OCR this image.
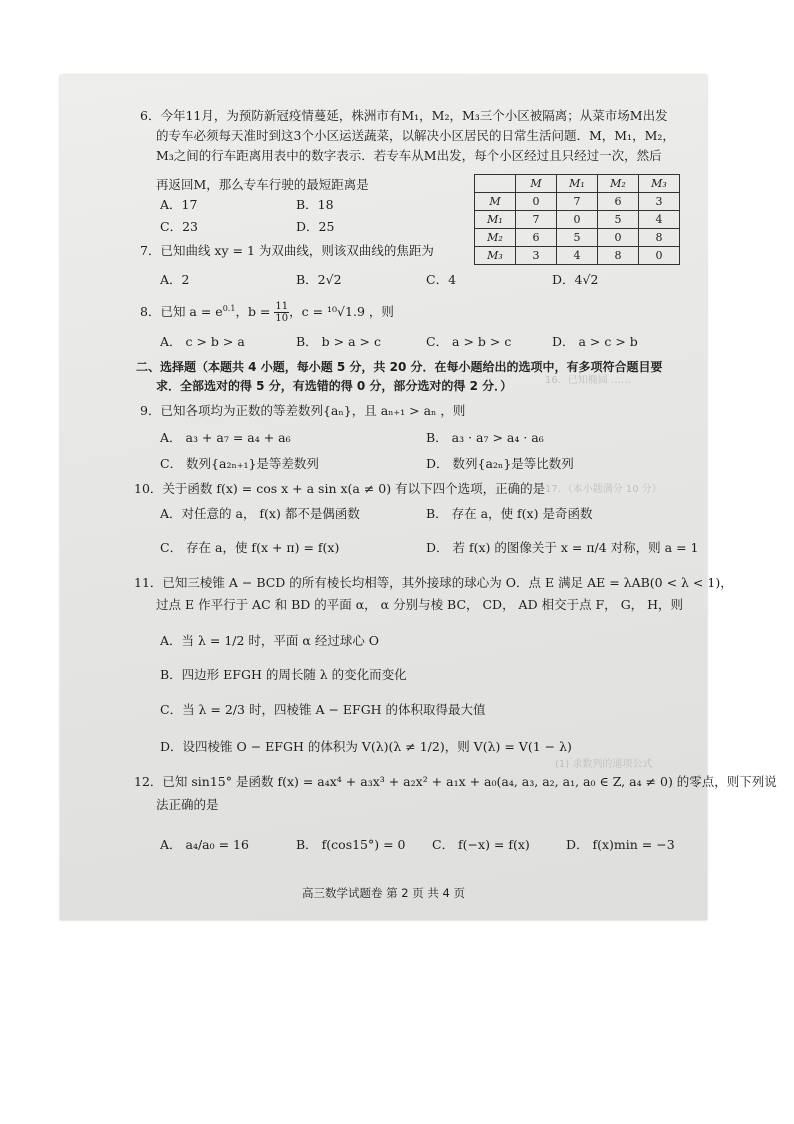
16．已知椭圆 ……
17．（本小题满分 10 分）
(1) 求数列的通项公式
6．今年11月，为预防新冠疫情蔓延，株洲市有M₁，M₂，M₃三个小区被隔离；从菜市场M出发
的专车必须每天准时到这3个小区运送蔬菜，以解决小区居民的日常生活问题．M，M₁，M₂，
M₃之间的行车距离用表中的数字表示．若专车从M出发，每个小区经过且只经过一次，然后
再返回M，那么专车行驶的最短距离是
A．17	B．18
C．23	D．25
7．已知曲线 xy = 1 为双曲线，则该双曲线的焦距为
A．2	B．2√2	C．4	D．4√2
8．已知 $a = e^{0.1}$，$b = \frac{11}{10}$ ，c = ¹⁰√1.9 ，则
A． c > b > a	B． b > a > c	C． a > b > c	D． a > c > b
二、选择题（本题共 4 小题，每小题 5 分，共 20 分．在每小题给出的选项中，有多项符合题目要
求．全部选对的得 5 分，有选错的得 0 分，部分选对的得 2 分．）
9．已知各项均为正数的等差数列{aₙ}，且 aₙ₊₁ > aₙ ，则
A． a₃ + a₇ = a₄ + a₆	B． a₃ · a₇ > a₄ · a₆
C． 数列{a₂ₙ₊₁}是等差数列	D． 数列{a₂ₙ}是等比数列
10．关于函数 f(x) = cos x + a sin x(a ≠ 0) 有以下四个选项，正确的是
A．对任意的 a， f(x) 都不是偶函数	B． 存在 a，使 f(x) 是奇函数
C． 存在 a，使 f(x + π) = f(x)	D． 若 f(x) 的图像关于 x = π/4 对称，则 a = 1
11．已知三棱锥 A − BCD 的所有棱长均相等，其外接球的球心为 O．点 E 满足 AE = λAB(0 < λ < 1)，
过点 E 作平行于 AC 和 BD 的平面 α， α 分别与棱 BC， CD， AD 相交于点 F， G， H，则
A．当 λ = 1/2 时，平面 α 经过球心 O
B．四边形 EFGH 的周长随 λ 的变化而变化
C．当 λ = 2/3 时，四棱锥 A − EFGH 的体积取得最大值
D．设四棱锥 O − EFGH 的体积为 V(λ)(λ ≠ 1/2)，则 V(λ) = V(1 − λ)
12．已知 sin15° 是函数 f(x) = a₄x⁴ + a₃x³ + a₂x² + a₁x + a₀(a₄, a₃, a₂, a₁, a₀ ∈ Z, a₄ ≠ 0) 的零点，则下列说
法正确的是
A． a₄/a₀ = 16	B． f(cos15°) = 0 C． f(−x) = f(x)	D． f(x)min = −3
高三数学试题卷 第 2 页 共 4 页
	M	M₁	M₂	M₃
M	0	7	6	3
M₁	7	0	5	4
M₂	6	5	0	8
M₃	3	4	8	0
